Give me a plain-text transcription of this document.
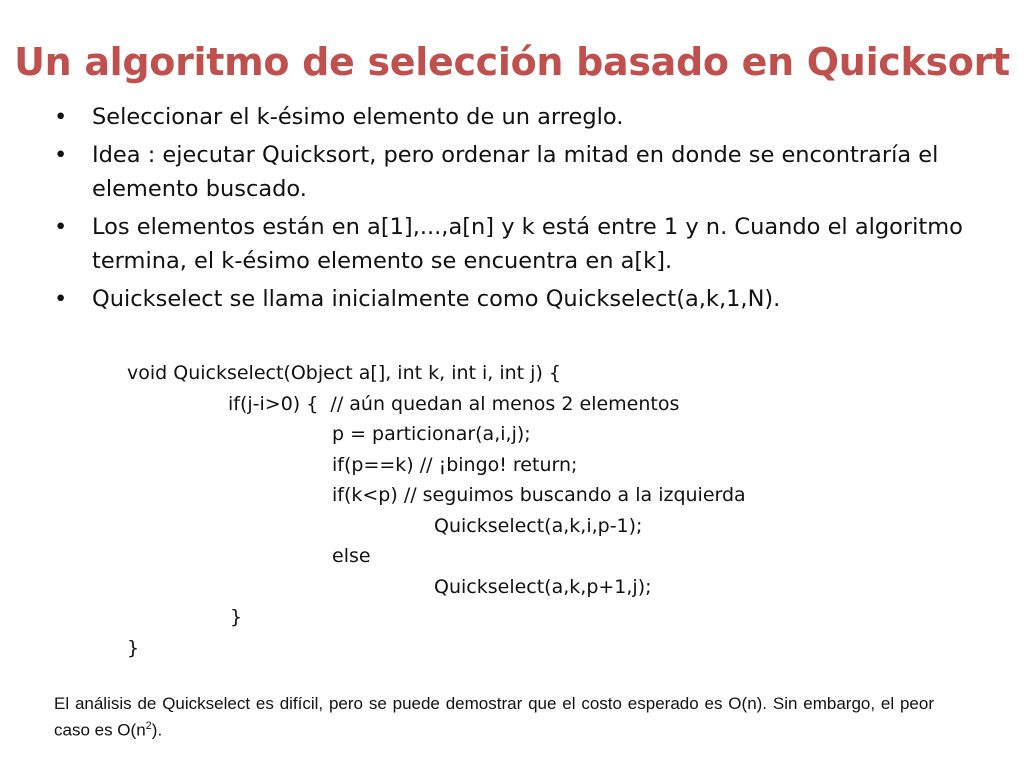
Un algoritmo de selección basado en Quicksort
• Seleccionar el k-ésimo elemento de un arreglo.
• Idea : ejecutar Quicksort, pero ordenar la mitad en donde se encontraría el elemento buscado.
• Los elementos están en a[1],...,a[n] y k está entre 1 y n. Cuando el algoritmo termina, el k-ésimo elemento se encuentra en a[k].
• Quickselect se llama inicialmente como Quickselect(a,k,1,N).
void Quickselect(Object a[], int k, int i, int j) {
if(j-i>0) {  // aún quedan al menos 2 elementos
p = particionar(a,i,j);
if(p==k) // ¡bingo! return;
if(k<p) // seguimos buscando a la izquierda
Quickselect(a,k,i,p-1);
else
Quickselect(a,k,p+1,j);
}
}
El análisis de Quickselect es difícil, pero se puede demostrar que el costo esperado es O(n). Sin embargo, el peor caso es $O(n^2)$.
